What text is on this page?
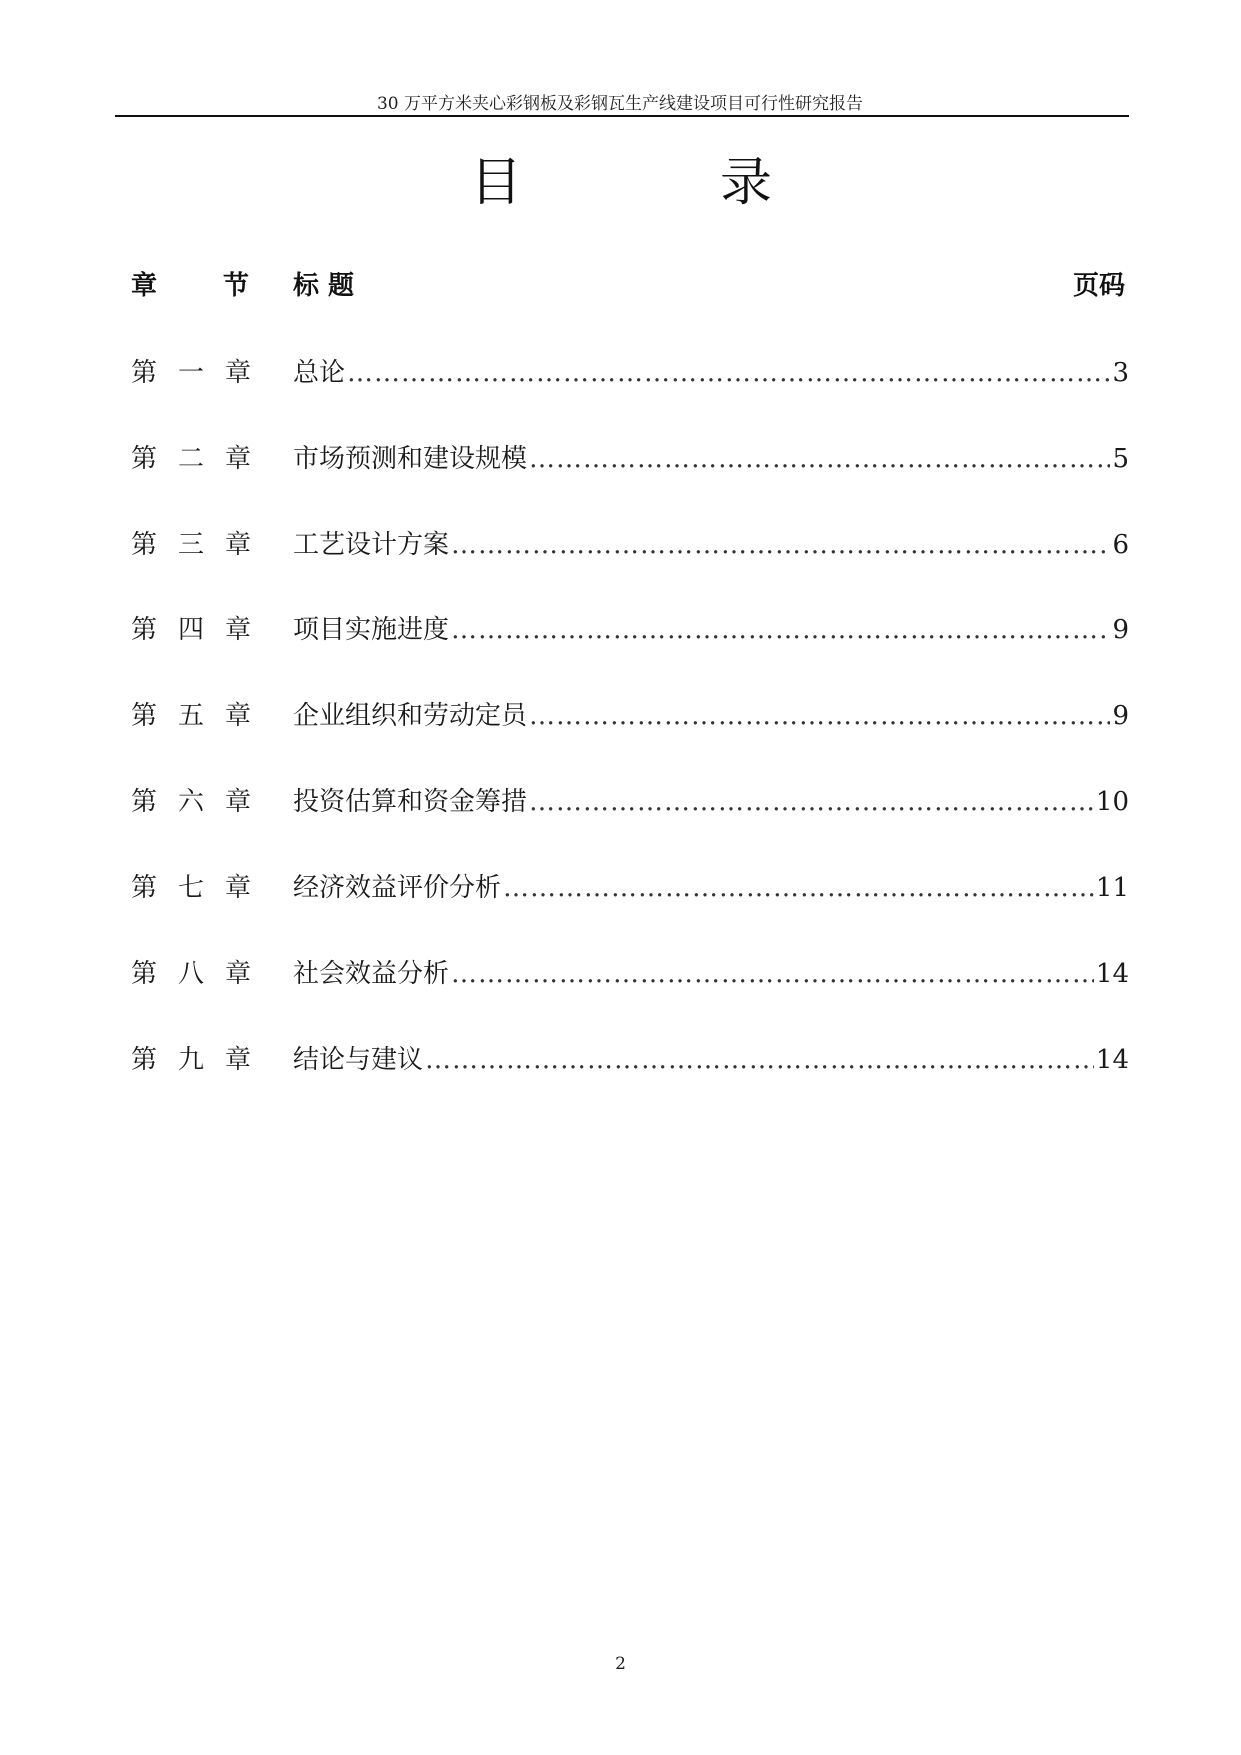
30 万平方米夹心彩钢板及彩钢瓦生产线建设项目可行性研究报告
目	录
章	节 标 题	页码
第 一 章 总论 ……………………………………………………………………………………………………………………………………	3
第 二 章 市场预测和建设规模 ……………………………………………………………………………………………………………………………………	5
第 三 章 工艺设计方案 ……………………………………………………………………………………………………………………………………	6
第 四 章 项目实施进度 ……………………………………………………………………………………………………………………………………	9
第 五 章 企业组织和劳动定员 ……………………………………………………………………………………………………………………………………	9
第 六 章 投资估算和资金筹措 ……………………………………………………………………………………………………………………………………	10
第 七 章 经济效益评价分析 ……………………………………………………………………………………………………………………………………	11
第 八 章 社会效益分析 ……………………………………………………………………………………………………………………………………	14
第 九 章 结论与建议 ……………………………………………………………………………………………………………………………………	14
2
